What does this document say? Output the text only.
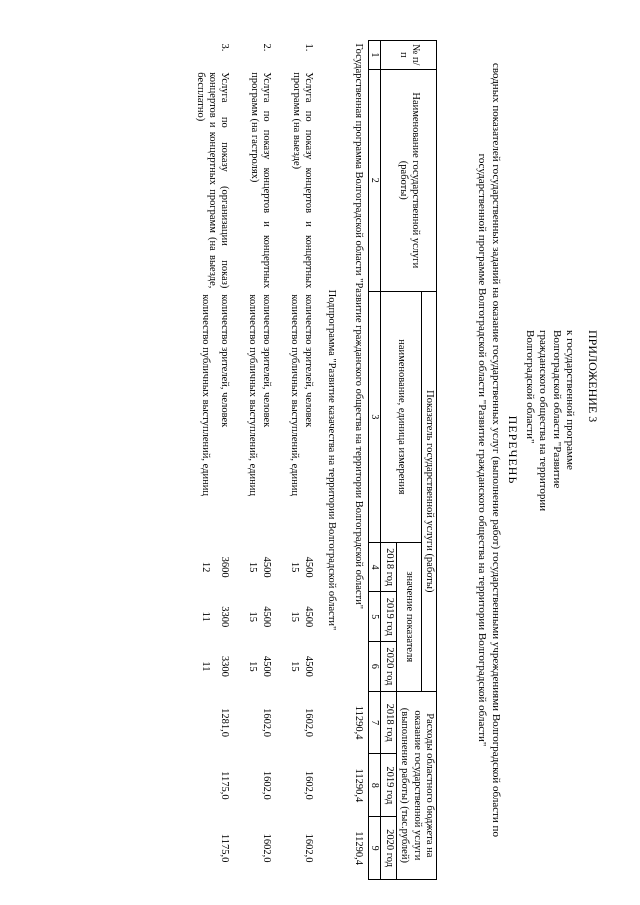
ПРИЛОЖЕНИЕ 3
к государственной программе Волгоградской области "Развитие гражданского общества на территории Волгоградской области"
ПЕРЕЧЕНЬ
сводных показателей государственных заданий на оказание государственных услуг (выполнение работ) государственными учреждениями Волгоградской области по государственной программе Волгоградской области "Развитие гражданского общества на территории Волгоградской области"
№ п/п	Наименование государственной услуги (работы)	Показатель государственной услуги (работы)				Расходы областного бюджета на оказание государственной услуги (выполнение работы) (тыс.рублей)		
		наименование, единица измерения	значение показателя					
			2018 год	2019 год	2020 год	2018 год	2019 год	2020 год
1	2	3	4	5	6	7	8	9
Государственная программа Волгоградской области "Развитие гражданского общества на территории Волгоградской области"						11290,4	11290,4	11290,4
Подпрограмма "Развитие казачества на территории Волгоградской области"								
1.	Услуга по показу концертов и концертных программ (на выезде)	количество зрителей, человек	4500	4500	4500	1602,0	1602,0	1602,0
		количество публичных выступлений, единиц	15	15	15			
2.	Услуга по показу концертов и концертных программ (на гастролях)	количество зрителей, человек	4500	4500	4500	1602,0	1602,0	1602,0
		количество публичных выступлений, единиц	15	15	15			
3.	Услуга по показу (организации показ) концертов и концертных программ (на выезде, бесплатно)	количество зрителей, человек	3600	3300	3300	1281,0	1175,0	1175,0
		количество публичных выступлений, единиц	12	11	11			
